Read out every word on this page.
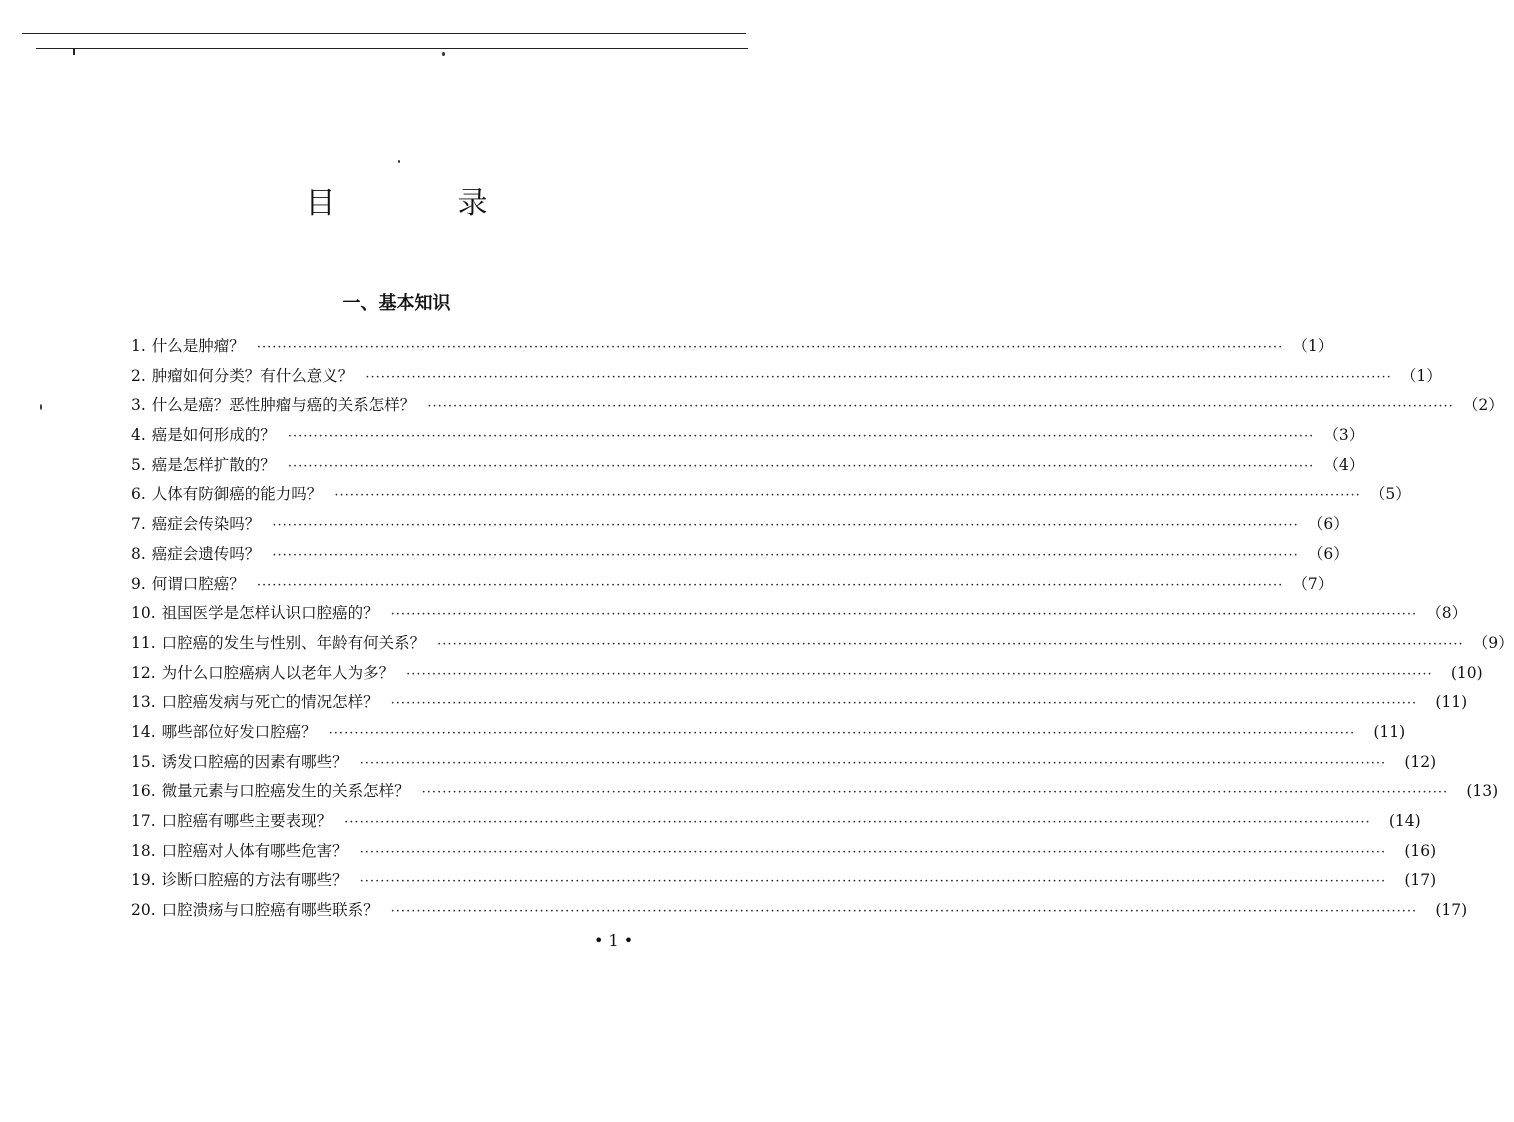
目　录
一、基本知识
1. 什么是肿瘤？ ········································································································································································································ （1）
2. 肿瘤如何分类？有什么意义？ ········································································································································································································ （1）
3. 什么是癌？恶性肿瘤与癌的关系怎样？ ········································································································································································································ （2）
4. 癌是如何形成的？ ········································································································································································································ （3）
5. 癌是怎样扩散的？ ········································································································································································································ （4）
6. 人体有防御癌的能力吗？ ········································································································································································································ （5）
7. 癌症会传染吗？ ········································································································································································································ （6）
8. 癌症会遗传吗？ ········································································································································································································ （6）
9. 何谓口腔癌？ ········································································································································································································ （7）
10. 祖国医学是怎样认识口腔癌的？ ········································································································································································································ （8）
11. 口腔癌的发生与性别、年龄有何关系？ ········································································································································································································ （9）
12. 为什么口腔癌病人以老年人为多？ ········································································································································································································	(10)
13. 口腔癌发病与死亡的情况怎样？ ········································································································································································································	(11)
14. 哪些部位好发口腔癌？ ········································································································································································································	(11)
15. 诱发口腔癌的因素有哪些？ ········································································································································································································	(12)
16. 微量元素与口腔癌发生的关系怎样？ ········································································································································································································	(13)
17. 口腔癌有哪些主要表现？ ········································································································································································································	(14)
18. 口腔癌对人体有哪些危害？ ········································································································································································································	(16)
19. 诊断口腔癌的方法有哪些？ ········································································································································································································	(17)
20. 口腔溃疡与口腔癌有哪些联系？ ········································································································································································································	(17)
• 1 •
